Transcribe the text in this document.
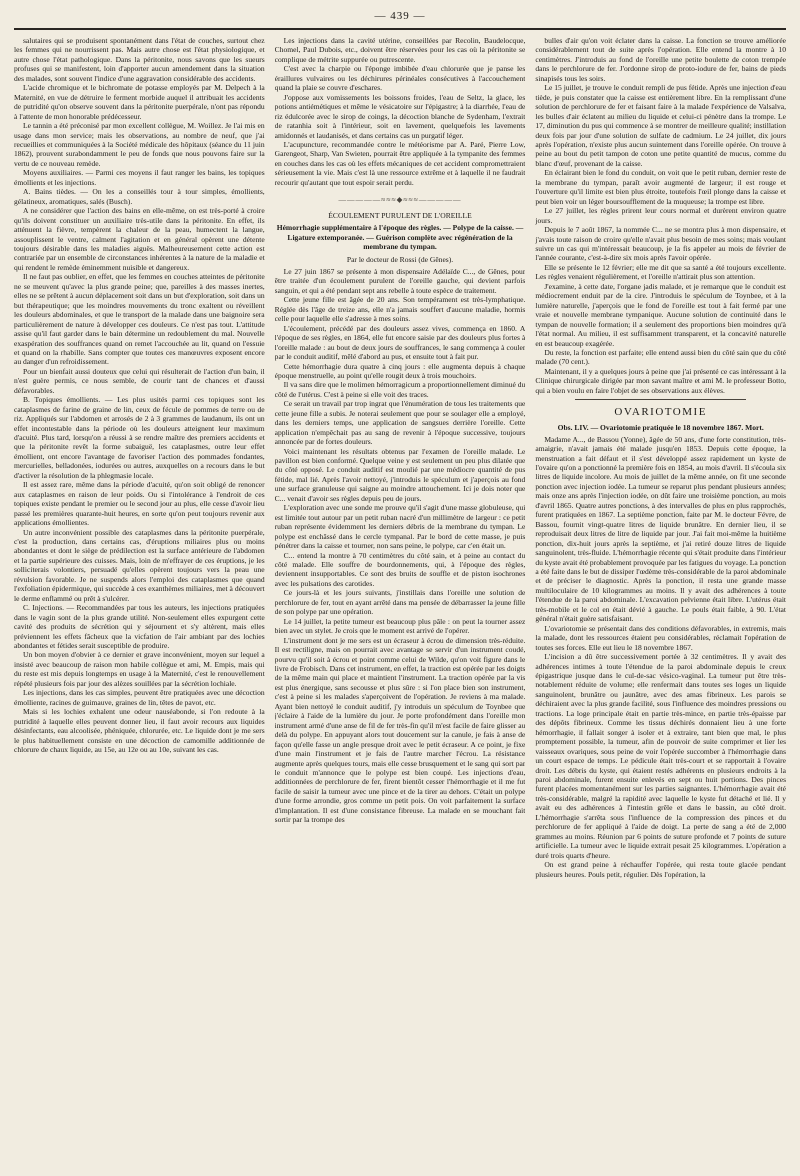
— 439 —

salutaires qui se produisent spontanément dans l'état de couches, surtout chez les femmes qui ne nourrissent pas. Mais autre chose est l'état physiologique, et autre chose l'état pathologique. Dans la péritonite, nous savons que les sueurs profuses qui se manifestent, loin d'apporter aucun amendement dans la situation des malades, sont souvent l'indice d'une aggravation considérable des accidents.

L'acide chromique et le bichromate de potasse employés par M. Delpech à la Maternité, en vue de détruire le ferment morbide auquel il attribuait les accidents de putridité qu'on observe souvent dans la péritonite puerpérale, n'ont pas répondu à l'attente de mon honorable prédécesseur.

Le tannin a été préconisé par mon excellent collègue, M. Woillez. Je l'ai mis en usage dans mon service; mais les observations, au nombre de neuf, que j'ai recueillies et communiquées à la Société médicale des hôpitaux (séance du 11 juin 1862), prouvent surabondamment le peu de fonds que nous pouvons faire sur la vertu de ce nouveau remède.

Moyens auxiliaires. — Parmi ces moyens il faut ranger les bains, les topiques émollients et les injections.

A. Bains tièdes. — On les a conseillés tour à tour simples, émollients, gélatineux, aromatiques, salés (Busch).

A ne considérer que l'action des bains en elle-même, on est très-porté à croire qu'ils doivent constituer un auxiliaire très-utile dans la péritonite. En effet, ils atténuent la fièvre, tempèrent la chaleur de la peau, humectent la langue, assouplissent le ventre, calment l'agitation et en général opèrent une détente toujours désirable dans les maladies aiguës. Malheureusement cette action est contrariée par un ensemble de circonstances inhérentes à la nature de la maladie et qui rendent le remède éminemment nuisible et dangereux.

Il ne faut pas oublier, en effet, que les femmes en couches atteintes de péritonite ne se meuvent qu'avec la plus grande peine; que, pareilles à des masses inertes, elles ne se prêtent à aucun déplacement soit dans un but d'exploration, soit dans un but thérapeutique; que les moindres mouvements du tronc exaltent ou réveillent les douleurs abdominales, et que le transport de la malade dans une baignoire sera particulièrement de nature à développer ces douleurs. Ce n'est pas tout. L'attitude assise qu'il faut garder dans le bain détermine un redoublement du mal. Nouvelle exaspération des souffrances quand on remet l'accouchée au lit, quand on l'essuie et quand on la rhabille. Sans compter que toutes ces manœuvres exposent encore au danger d'un refroidissement.

Pour un bienfait aussi douteux que celui qui résulterait de l'action d'un bain, il n'est guère permis, ce nous semble, de courir tant de chances et d'aussi défavorables.

B. Topiques émollients. — Les plus usités parmi ces topiques sont les cataplasmes de farine de graine de lin, ceux de fécule de pommes de terre ou de riz. Appliqués sur l'abdomen et arrosés de 2 à 3 grammes de laudanum, ils ont un effet incontestable dans la période où les douleurs atteignent leur maximum d'acuité. Plus tard, lorsqu'on a réussi à se rendre maître des premiers accidents et que la péritonite revêt la forme subaiguë, les cataplasmes, outre leur effet émollient, ont encore l'avantage de favoriser l'action des pommades fondantes, mercurielles, belladonées, iodurées ou autres, auxquelles on a recours dans le but d'activer la résolution de la phlegmasie locale.

Il est assez rare, même dans la période d'acuité, qu'on soit obligé de renoncer aux cataplasmes en raison de leur poids. Ou si l'intolérance à l'endroit de ces topiques existe pendant le premier ou le second jour au plus, elle cesse d'avoir lieu passé les premières quarante-huit heures, en sorte qu'on peut toujours revenir aux applications émollientes.

Un autre inconvénient possible des cataplasmes dans la péritonite puerpérale, c'est la production, dans certains cas, d'éruptions miliaires plus ou moins abondantes et dont le siège de prédilection est la surface antérieure de l'abdomen et la partie supérieure des cuisses. Mais, loin de m'effrayer de ces éruptions, je les solliciterais volontiers, persuadé qu'elles opèrent toujours vers la peau une révulsion favorable. Je ne suspends alors l'emploi des cataplasmes que quand l'exfoliation épidermique, qui succède à ces exanthèmes miliaires, met à découvert le derme enflammé ou prêt à s'ulcérer.

C. Injections. — Recommandées par tous les auteurs, les injections pratiquées dans le vagin sont de la plus grande utilité. Non-seulement elles expurgent cette cavité des produits de sécrétion qui y séjournent et s'y altèrent, mais elles préviennent les effets fâcheux que la vicfation de l'air ambiant par des lochies abondantes et fétides serait susceptible de produire.

Un bon moyen d'obvier à ce dernier et grave inconvénient, moyen sur lequel a insisté avec beaucoup de raison mon habile collègue et ami, M. Empis, mais qui du reste est mis depuis longtemps en usage à la Maternité, c'est le renouvellement répété plusieurs fois par jour des alèzes souillées par la sécrétion lochiale.

Les injections, dans les cas simples, peuvent être pratiquées avec une décoction émolliente, racines de guimauve, graines de lin, têtes de pavot, etc.

Mais si les lochies exhalent une odeur nauséabonde, si l'on redoute à la putridité à laquelle elles peuvent donner lieu, il faut avoir recours aux liquides désinfectants, eau alcoolisée, phéniquée, chlorurée, etc. Le liquide dont je me sers le plus habituellement consiste en une décoction de camomille additionnée de chlorure de chaux liquide, au 15e, au 12e ou au 10e, suivant les cas.

Les injections dans la cavité utérine, conseillées par Recolin, Baudelocque, Chomel, Paul Dubois, etc., doivent être réservées pour les cas où la péritonite se complique de métrite suppurée ou putrescente.

C'est avec la charpie ou l'éponge imbibée d'eau chlorurée que je panse les éraillures vulvaires ou les déchirures périnéales consécutives à l'accouchement quand la plaie se couvre d'eschares.

J'oppose aux vomissements les boissons froides, l'eau de Seltz, la glace, les potions antiémétiques et même le vésicatoire sur l'épigastre; à la diarrhée, l'eau de riz édulcorée avec le sirop de coings, la décoction blanche de Sydenham, l'extrait de ratanhia soit à l'intérieur, soit en lavement, quelquefois les lavements amidonnés et laudanisés, et dans certains cas un purgatif léger.

L'acupuncture, recommandée contre le météorisme par A. Paré, Pierre Low, Garengeot, Sharp, Van Swieten, pourrait être appliquée à la tympanite des femmes en couches dans les cas où les effets mécaniques de cet accident compromettraient sérieusement la vie. Mais c'est là une ressource extrême et à laquelle il ne faudrait recourir qu'autant que tout espoir serait perdu.

—————≈≈≈◆≈≈≈—————

ÉCOULEMENT PURULENT DE L'OREILLE

Hémorrhagie supplémentaire à l'époque des règles. — Polype de la caisse. — Ligature extemporanée. — Guérison complète avec régénération de la membrane du tympan.

Par le docteur de Rossi (de Gênes).

Le 27 juin 1867 se présente à mon dispensaire Adélaïde C..., de Gênes, pour être traitée d'un écoulement purulent de l'oreille gauche, qui devient parfois sanguin, et qui a été pendant sept ans rebelle à toute espèce de traitement.

Cette jeune fille est âgée de 20 ans. Son tempérament est très-lymphatique. Réglée dès l'âge de treize ans, elle n'a jamais souffert d'aucune maladie, hormis celle pour laquelle elle s'adresse à mes soins.

L'écoulement, précédé par des douleurs assez vives, commença en 1860. A l'époque de ses règles, en 1864, elle fut encore saisie par des douleurs plus fortes à l'oreille malade : au bout de deux jours de souffrances, le sang commença à couler par le conduit auditif, mêlé d'abord au pus, et ensuite tout à fait pur.

Cette hémorrhagie dura quatre à cinq jours : elle augmenta depuis à chaque époque menstruelle, au point qu'elle rougit deux à trois mouchoirs.

Il va sans dire que le molimen hémorragicum a proportionnellement diminué du côté de l'utérus. C'est à peine si elle voit des traces.

Ce serait un travail par trop ingrat que l'énumération de tous les traitements que cette jeune fille a subis. Je noterai seulement que pour se soulager elle a employé, dans les derniers temps, une application de sangsues derrière l'oreille. Cette application n'empêchait pas au sang de revenir à l'époque successive, toujours annoncée par de fortes douleurs.

Voici maintenant les résultats obtenus par l'examen de l'oreille malade. Le pavillon est bien conformé. Quelque veine y est seulement un peu plus dilatée que du côté opposé. Le conduit auditif est moulié par une médiocre quantité de pus fétide, mal lié. Après l'avoir nettoyé, j'introduis le spéculum et j'aperçois au fond une surface granuleuse qui saigne au moindre attouchement. Ici je dois noter que C... venait d'avoir ses règles depuis peu de jours.

L'exploration avec une sonde me prouve qu'il s'agit d'une masse globuleuse, qui est limitée tout autour par un petit ruban nacré d'un millimètre de largeur : ce petit ruban représente évidemment les derniers débris de la membrane du tympan. Le polype est enchâssé dans le cercle tympanal. Par le bord de cette masse, je puis pénétrer dans la caisse et tourner, non sans peine, le polype, car c'en était un.

C... entend la montre à 70 centimètres du côté sain, et à peine au contact du côté malade. Elle souffre de bourdonnements, qui, à l'époque des règles, deviennent insupportables. Ce sont des bruits de souffle et de piston isochrones avec les pulsations des carotides.

Ce jours-là et les jours suivants, j'instillais dans l'oreille une solution de perchlorure de fer, tout en ayant arrêté dans ma pensée de débarrasser la jeune fille de son polype par une opération.

Le 14 juillet, la petite tumeur est beaucoup plus pâle : on peut la tourner assez bien avec un stylet. Je crois que le moment est arrivé de l'opérer.

L'instrument dont je me sers est un écraseur à écrou de dimension très-réduite. Il est rectiligne, mais on pourrait avec avantage se servir d'un instrument coudé, pourvu qu'il soit à écrou et point comme celui de Wilde, qu'on voit figure dans le livre de Frobisch. Dans cet instrument, en effet, la traction est opérée par les doigts de la même main qui place et maintient l'instrument. La traction opérée par la vis est plus énergique, sans secousse et plus sûre : si l'on place bien son instrument, c'est à peine si les malades s'aperçoivent de l'opération. Je reviens à ma malade. Ayant bien nettoyé le conduit auditif, j'y introduis un spéculum de Toynbee que j'éclaire à l'aide de la lumière du jour. Je porte profondément dans l'oreille mon instrument armé d'une anse de fil de fer très-fin qu'il m'est facile de faire glisser au delà du polype. En appuyant alors tout doucement sur la canule, je fais à anse de façon qu'elle fasse un angle presque droit avec le petit écraseur. A ce point, je fixe d'une main l'instrument et je fais de l'autre marcher l'écrou. La résistance augmente après quelques tours, mais elle cesse brusquement et le sang qui sort par le conduit m'annonce que le polype est bien coupé. Les injections d'eau, additionnées de perchlorure de fer, firent bientôt cesser l'hémorrhagie et il me fut facile de saisir la tumeur avec une pince et de la tirer au dehors. C'était un polype d'une forme arrondie, gros comme un petit pois. On voit parfaitement la surface d'implantation. Il est d'une consistance fibreuse. La malade en se mouchant fait sortir par la trompe des

bulles d'air qu'on voit éclater dans la caisse. La fonction se trouve améliorée considérablement tout de suite après l'opération. Elle entend la montre à 10 centimètres. J'introduis au fond de l'oreille une petite boulette de coton trempée dans le perchlorure de fer. J'ordonne sirop de proto-iodure de fer, bains de pieds sinapisés tous les soirs.

Le 15 juillet, je trouve le conduit rempli de pus fétide. Après une injection d'eau tiède, je puis constater que la caisse est entièrement libre. En la remplissant d'une solution de perchlorure de fer et faisant faire à la malade l'expérience de Valsalva, les bulles d'air éclatent au milieu du liquide et celui-ci pénètre dans la trompe. Le 17, diminution du pus qui commence à se montrer de meilleure qualité; instillation deux fois par jour d'une solution de sulfate de cadmium. Le 24 juillet, dix jours après l'opération, n'existe plus aucun suintement dans l'oreille opérée. On trouve à peine au bout du petit tampon de coton une petite quantité de mucus, comme du blanc d'œuf, provenant de la caisse.

En éclairant bien le fond du conduit, on voit que le petit ruban, dernier reste de la membrane du tympan, paraît avoir augmenté de largeur; il est rouge et l'ouverture qu'il limite est bien plus étroite, toutefois l'œil plonge dans la caisse et peut bien voir un léger boursoufflement de la muqueuse; la trompe est libre.

Le 27 juillet, les règles prirent leur cours normal et durèrent environ quatre jours.

Depuis le 7 août 1867, la nommée C... ne se montra plus à mon dispensaire, et j'avais toute raison de croire qu'elle n'avait plus besoin de mes soins; mais voulant suivre un cas qui m'intéressait beaucoup, je la fis appeler au mois de février de l'année courante, c'est-à-dire six mois après l'avoir opérée.

Elle se présente le 12 février; elle me dit que sa santé a été toujours excellente. Les règles venaient régulièrement, et l'oreille n'attirait plus son attention.

J'examine, à cette date, l'organe jadis malade, et je remarque que le conduit est médiocrement enduit par de la cire. J'introduis le spéculum de Toynbee, et à la lumière naturelle, j'aperçois que le fond de l'oreille est tout à fait fermé par une vraie et nouvelle membrane tympanique. Aucune solution de continuité dans le tympan de nouvelle formation; il a seulement des proportions bien moindres qu'à l'état normal. Au milieu, il est suffisamment transparent, et la concavité naturelle en est beaucoup exagérée.

Du reste, la fonction est parfaite; elle entend aussi bien du côté sain que du côté malade (70 cent.).

Maintenant, il y a quelques jours à peine que j'ai présenté ce cas intéressant à la Clinique chirurgicale dirigée par mon savant maître et ami M. le professeur Botto, qui a bien voulu en faire l'objet de ses observations aux élèves.

OVARIOTOMIE

Obs. LIV. — Ovariotomie pratiquée le 18 novembre 1867. Mort.

Madame A..., de Bassou (Yonne), âgée de 50 ans, d'une forte constitution, très-amaigrie, n'avait jamais été malade jusqu'en 1853. Depuis cette époque, la menstruation a fait défaut et il s'est développé assez rapidement un kyste de l'ovaire qu'on a ponctionné la première fois en 1854, au mois d'avril. Il s'écoula six litres de liquide incolore. Au mois de juillet de la même année, on fit une seconde ponction avec injection iodée. La tumeur se reparut plus pendant plusieurs années; mais onze ans après l'injection iodée, on dût faire une troisième ponction, au mois d'avril 1865. Quatre autres ponctions, à des intervalles de plus en plus rapprochés, furent pratiquées en 1867. La septième ponction, faite par M. le docteur Févre, de Bassou, fournit vingt-quatre litres de liquide brunâtre. En dernier lieu, il se reproduisait deux litres de litre de liquide par jour. J'ai fait moi-même la huitième ponction, dix-huit jours après la septième, et j'ai retiré douze litres de liquide sanguinolent, très-fluide. L'hémorrhagie récente qui s'était produite dans l'intérieur du kyste avait été probablement provoquée par les fatigues du voyage. La ponction a été faite dans le but de dissiper l'œdème très-considérable de la paroi abdominale et de préciser le diagnostic. Après la ponction, il resta une grande masse multiloculaire de 10 kilogrammes au moins. Il y avait des adhérences à toute l'étendue de la paroi abdominale. L'excavation pelvienne était libre. L'utérus était très-mobile et le col en était dévié à gauche. Le pouls était faible, à 90. L'état général n'était guère satisfaisant.

L'ovariotomie se présentait dans des conditions défavorables, in extremis, mais la malade, dont les ressources étaient peu considérables, réclamait l'opération de toutes ses forces. Elle eut lieu le 18 novembre 1867.

L'incision a dû être successivement portée à 32 centimètres. Il y avait des adhérences intimes à toute l'étendue de la paroi abdominale depuis le creux épigastrique jusque dans le cul-de-sac vésico-vaginal. La tumeur put être très-notablement réduite de volume; elle renfermait dans toutes ses loges un liquide sanguinolent, brunâtre ou jaunâtre, avec des amas fibrineux. Les parois se déchiraient avec la plus grande facilité, sous l'influence des moindres pressions ou tractions. La loge principale était en partie très-mince, en partie très-épaisse par des dépôts fibrineux. Comme les tissus déchirés donnaient lieu à une forte hémorrhagie, il fallait songer à isoler et à extraire, tant bien que mal, le plus promptement possible, la tumeur, afin de pouvoir de suite comprimer et lier les vaisseaux ovariques, sous peine de voir l'opérée succomber à l'hémorrhagie dans un court espace de temps. Le pédicule était très-court et se rapportait à l'ovaire droit. Les débris du kyste, qui étaient restés adhérents en plusieurs endroits à la paroi abdominale, furent ensuite enlevés en sept ou huit portions. Des pinces furent placées momentanément sur les parties saignantes. L'hémorrhagie avait été très-considérable, malgré la rapidité avec laquelle le kyste fut détaché et lié. Il y avait eu des adhérences à l'intestin grêle et dans le bassin, au côté droit. L'hémorrhagie s'arrêta sous l'influence de la compression des pinces et du perchlorure de fer appliqué à l'aide de doigt. La perte de sang a été de 2,000 grammes au moins. Réunion par 6 points de suture profonde et 7 points de suture artificielle. La tumeur avec le liquide extrait pesait 25 kilogrammes. L'opération a duré trois quarts d'heure.

On est grand peine à réchauffer l'opérée, qui resta toute glacée pendant plusieurs heures. Pouls petit, régulier. Dès l'opération, la
